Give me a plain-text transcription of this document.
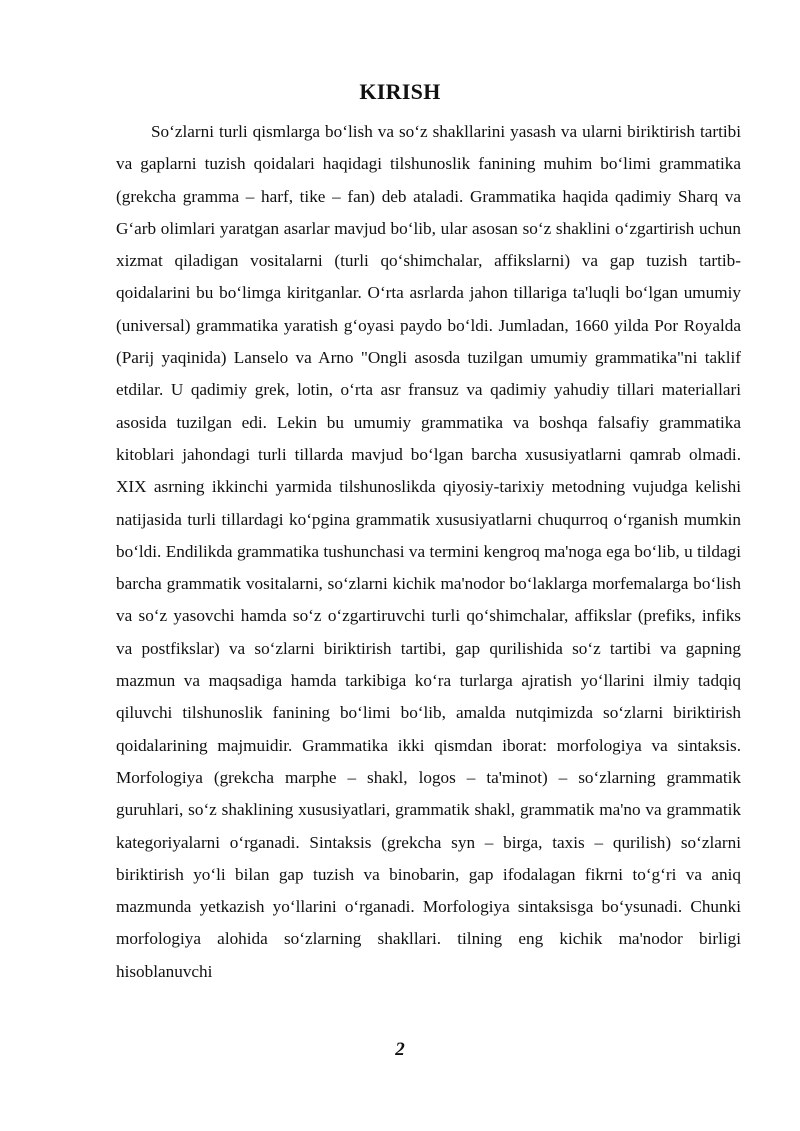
KIRISH

So‘zlarni turli qismlarga bo‘lish va so‘z shakllarini yasash va ularni biriktirish tartibi va gaplarni tuzish qoidalari haqidagi tilshunoslik fanining muhim bo‘limi grammatika (grekcha gramma – harf, tike – fan) deb ataladi. Grammatika haqida qadimiy Sharq va G‘arb olimlari yaratgan asarlar mavjud bo‘lib, ular asosan so‘z shaklini o‘zgartirish uchun xizmat qiladigan vositalarni (turli qo‘shimchalar, affikslarni) va gap tuzish tartib-qoidalarini bu bo‘limga kiritganlar. O‘rta asrlarda jahon tillariga ta'luqli bo‘lgan umumiy (universal) grammatika yaratish g‘oyasi paydo bo‘ldi. Jumladan, 1660 yilda Por Royalda (Parij yaqinida) Lanselo va Arno "Ongli asosda tuzilgan umumiy grammatika"ni taklif etdilar. U qadimiy grek, lotin, o‘rta asr fransuz va qadimiy yahudiy tillari materiallari asosida tuzilgan edi. Lekin bu umumiy grammatika va boshqa falsafiy grammatika kitoblari jahondagi turli tillarda mavjud bo‘lgan barcha xususiyatlarni qamrab olmadi. XIX asrning ikkinchi yarmida tilshunoslikda qiyosiy-tarixiy metodning vujudga kelishi natijasida turli tillardagi ko‘pgina grammatik xususiyatlarni chuqurroq o‘rganish mumkin bo‘ldi. Endilikda grammatika tushunchasi va termini kengroq ma'noga ega bo‘lib, u tildagi barcha grammatik vositalarni, so‘zlarni kichik ma'nodor bo‘laklarga morfemalarga bo‘lish va so‘z yasovchi hamda so‘z o‘zgartiruvchi turli qo‘shimchalar, affikslar (prefiks, infiks va postfikslar) va so‘zlarni biriktirish tartibi, gap qurilishida so‘z tartibi va gapning mazmun va maqsadiga hamda tarkibiga ko‘ra turlarga ajratish yo‘llarini ilmiy tadqiq qiluvchi tilshunoslik fanining bo‘limi bo‘lib, amalda nutqimizda so‘zlarni biriktirish qoidalarining majmuidir. Grammatika ikki qismdan iborat: morfologiya va sintaksis. Morfologiya (grekcha marphe – shakl, logos – ta'minot) – so‘zlarning grammatik guruhlari, so‘z shaklining xususiyatlari, grammatik shakl, grammatik ma'no va grammatik kategoriyalarni o‘rganadi. Sintaksis (grekcha syn – birga, taxis – qurilish) so‘zlarni biriktirish yo‘li bilan gap tuzish va binobarin, gap ifodalagan fikrni to‘g‘ri va aniq mazmunda yetkazish yo‘llarini o‘rganadi. Morfologiya sintaksisga bo‘ysunadi. Chunki morfologiya alohida so‘zlarning shakllari. tilning eng kichik ma'nodor birligi hisoblanuvchi

2
